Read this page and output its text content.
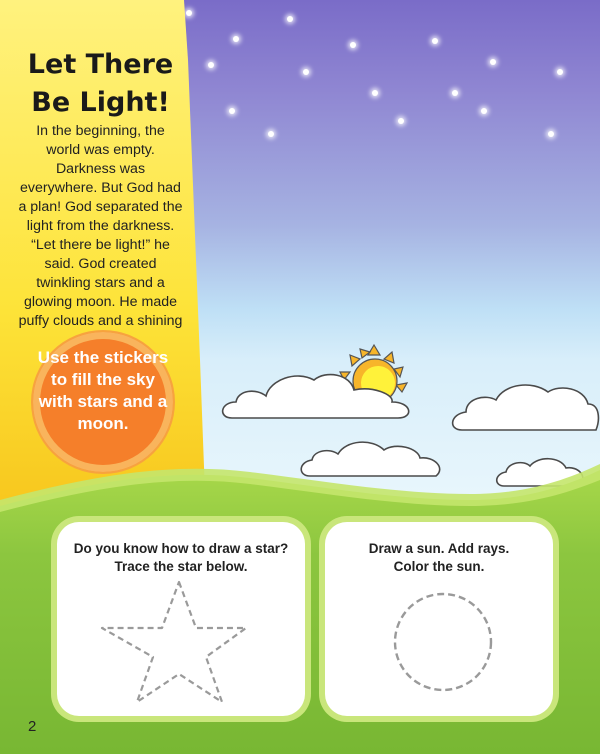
Let There
Be Light!

In the beginning, the world was empty. Darkness was everywhere. But God had a plan! God separated the light from the darkness. “Let there be light!” he said. God created twinkling stars and a glowing moon. He made puffy clouds and a shining

Use the stickers to fill the sky with stars and a moon.

Do you know how to draw a star?
Trace the star below.

Draw a sun. Add rays.
Color the sun.

2
